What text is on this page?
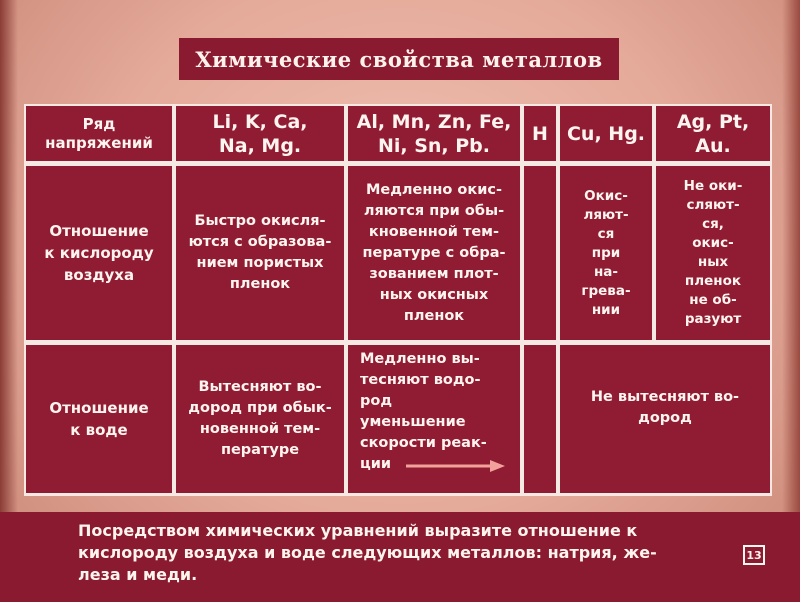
Химические свойства металлов
Ряд
напряжений
Li, K, Ca,
Na, Mg.
Al, Mn, Zn, Fe,
Ni, Sn, Pb.
H Cu, Hg.
Ag, Pt, Au.
Отношение
к кислороду
воздуха
Быстро окисля-
ются с образова-
нием пористых
пленок
Медленно окис-
ляются при обы-
кновенной тем-
пературе с обра-
зованием плот-
ных окисных
пленок
Окис-
ляют-
ся
при
на-
грева-
нии
Не оки-
сляют-
ся,
окис-
ных
пленок
не об-
разуют
Отношение
к воде
Вытесняют во-
дород при обык-
новенной тем-
пературе
Медленно вы-
тесняют водо-
род
уменьшение
скорости реак-
ции
Не вытесняют во-
дород
Посредством химических уравнений выразите отношение к
кислороду воздуха и воде следующих металлов: натрия, же-
леза и меди.
13
